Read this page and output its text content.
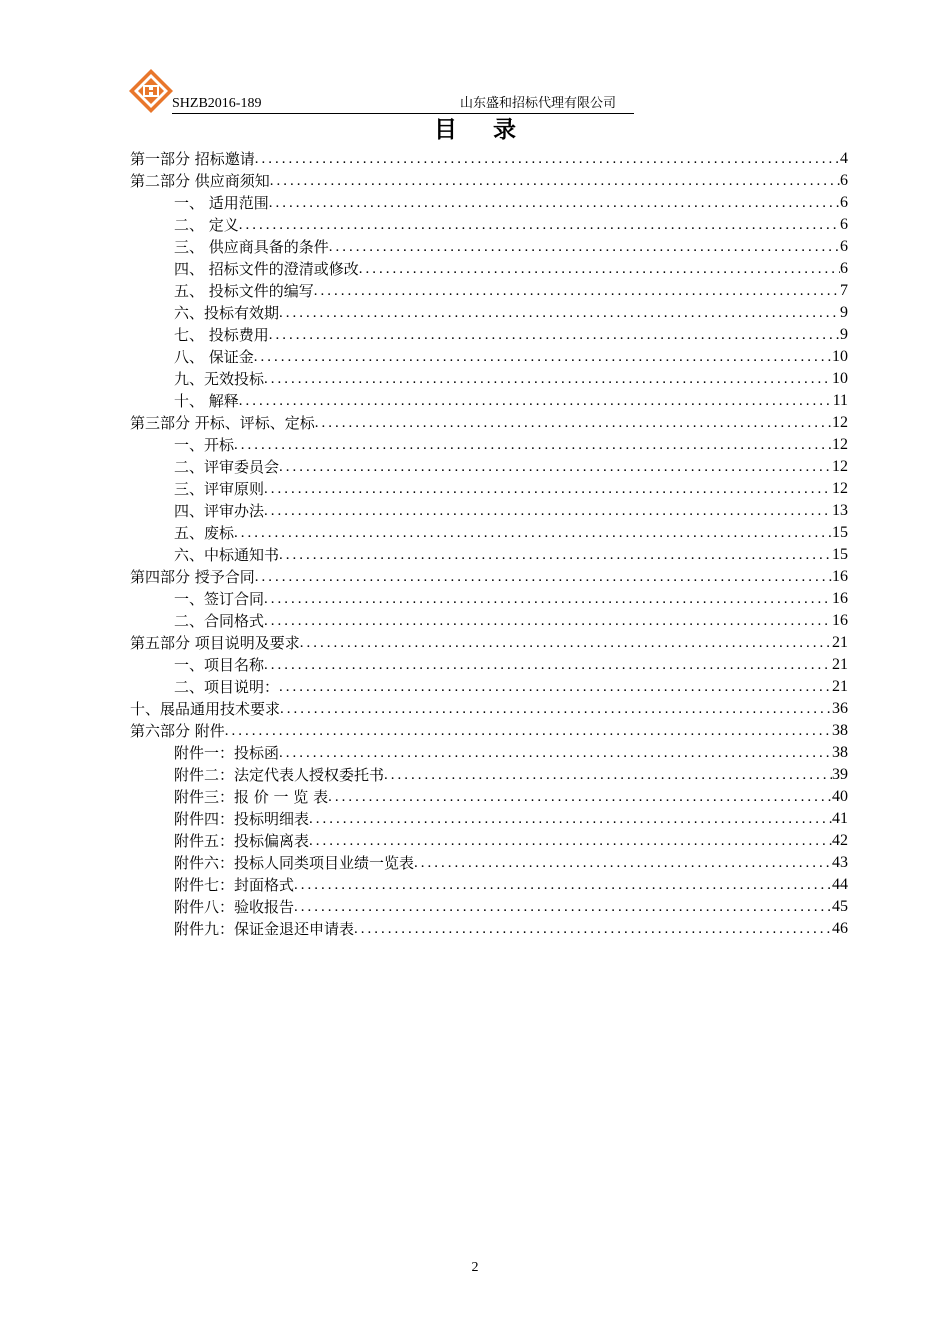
SHZB2016-189	山东盛和招标代理有限公司
目 录
第一部分 招标邀请 .....	4
第二部分 供应商须知 .....	6
一、 适用范围 .....	6
二、 定义 .....	6
三、 供应商具备的条件 .....	6
四、 招标文件的澄清或修改 .....	6
五、 投标文件的编写 .....	7
六、投标有效期 .....	9
七、 投标费用 .....	9
八、 保证金 .....	10
九、无效投标 .....	10
十、 解释 .....	11
第三部分 开标、评标、定标 .....	12
一、开标 .....	12
二、评审委员会 .....	12
三、评审原则 .....	12
四、评审办法 .....	13
五、废标 .....	15
六、中标通知书 .....	15
第四部分 授予合同 .....	16
一、签订合同 .....	16
二、合同格式 .....	16
第五部分 项目说明及要求 .....	21
一、项目名称 .....	21
二、项目说明： .....	21
十、展品通用技术要求 .....	36
第六部分 附件 .....	38
附件一：投标函 .....	38
附件二：法定代表人授权委托书 .....	39
附件三：报 价 一 览 表 .....	40
附件四：投标明细表 .....	41
附件五：投标偏离表 .....	42
附件六：投标人同类项目业绩一览表 .....	43
附件七：封面格式 .....	44
附件八：验收报告 .....	45
附件九：保证金退还申请表 .....	46
2
